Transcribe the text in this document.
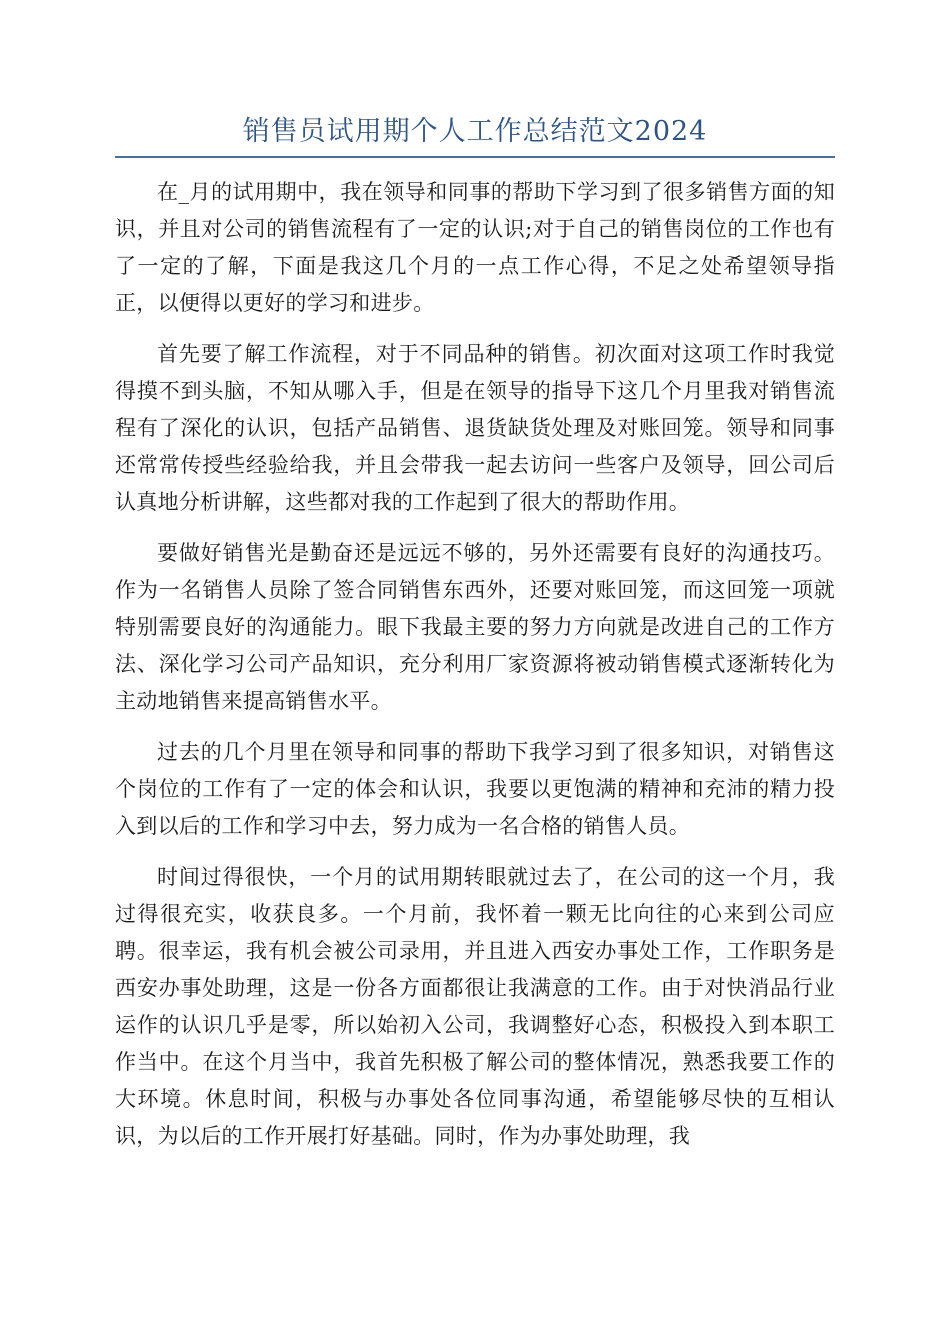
销售员试用期个人工作总结范文2024

在_月的试用期中，我在领导和同事的帮助下学习到了很多销售方面的知识，并且对公司的销售流程有了一定的认识;对于自己的销售岗位的工作也有了一定的了解，下面是我这几个月的一点工作心得，不足之处希望领导指正，以便得以更好的学习和进步。

首先要了解工作流程，对于不同品种的销售。初次面对这项工作时我觉得摸不到头脑，不知从哪入手，但是在领导的指导下这几个月里我对销售流程有了深化的认识，包括产品销售、退货缺货处理及对账回笼。领导和同事还常常传授些经验给我，并且会带我一起去访问一些客户及领导，回公司后认真地分析讲解，这些都对我的工作起到了很大的帮助作用。

要做好销售光是勤奋还是远远不够的，另外还需要有良好的沟通技巧。作为一名销售人员除了签合同销售东西外，还要对账回笼，而这回笼一项就特别需要良好的沟通能力。眼下我最主要的努力方向就是改进自己的工作方法、深化学习公司产品知识，充分利用厂家资源将被动销售模式逐渐转化为主动地销售来提高销售水平。

过去的几个月里在领导和同事的帮助下我学习到了很多知识，对销售这个岗位的工作有了一定的体会和认识，我要以更饱满的精神和充沛的精力投入到以后的工作和学习中去，努力成为一名合格的销售人员。

时间过得很快，一个月的试用期转眼就过去了，在公司的这一个月，我过得很充实，收获良多。一个月前，我怀着一颗无比向往的心来到公司应聘。很幸运，我有机会被公司录用，并且进入西安办事处工作，工作职务是西安办事处助理，这是一份各方面都很让我满意的工作。由于对快消品行业运作的认识几乎是零，所以始初入公司，我调整好心态，积极投入到本职工作当中。在这个月当中，我首先积极了解公司的整体情况，熟悉我要工作的大环境。休息时间，积极与办事处各位同事沟通，希望能够尽快的互相认识，为以后的工作开展打好基础。同时，作为办事处助理，我
